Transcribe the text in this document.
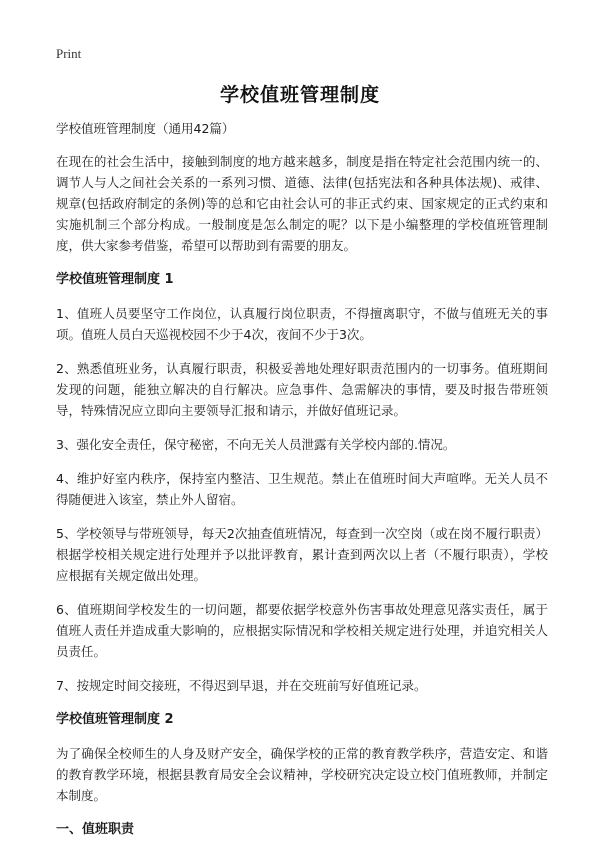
Print
学校值班管理制度

学校值班管理制度（通用42篇）

在现在的社会生活中，接触到制度的地方越来越多，制度是指在特定社会范围内统一的、调节人与人之间社会关系的一系列习惯、道德、法律(包括宪法和各种具体法规)、戒律、规章(包括政府制定的条例)等的总和它由社会认可的非正式约束、国家规定的正式约束和实施机制三个部分构成。一般制度是怎么制定的呢？以下是小编整理的学校值班管理制度，供大家参考借鉴，希望可以帮助到有需要的朋友。

学校值班管理制度 1

1、值班人员要坚守工作岗位，认真履行岗位职责，不得擅离职守，不做与值班无关的事项。值班人员白天巡视校园不少于4次，夜间不少于3次。

2、熟悉值班业务，认真履行职责，积极妥善地处理好职责范围内的一切事务。值班期间发现的问题，能独立解决的自行解决。应急事件、急需解决的事情，要及时报告带班领导，特殊情况应立即向主要领导汇报和请示，并做好值班记录。

3、强化安全责任，保守秘密，不向无关人员泄露有关学校内部的.情况。

4、维护好室内秩序，保持室内整洁、卫生规范。禁止在值班时间大声喧哗。无关人员不得随便进入该室，禁止外人留宿。

5、学校领导与带班领导，每天2次抽查值班情况，每查到一次空岗（或在岗不履行职责）根据学校相关规定进行处理并予以批评教育，累计查到两次以上者（不履行职责），学校应根据有关规定做出处理。

6、值班期间学校发生的一切问题，都要依据学校意外伤害事故处理意见落实责任，属于值班人责任并造成重大影响的，应根据实际情况和学校相关规定进行处理，并追究相关人员责任。

7、按规定时间交接班，不得迟到早退，并在交班前写好值班记录。

学校值班管理制度 2

为了确保全校师生的人身及财产安全，确保学校的正常的教育教学秩序，营造安定、和谐的教育教学环境，根据县教育局安全会议精神，学校研究决定设立校门值班教师，并制定本制度。

一、值班职责
